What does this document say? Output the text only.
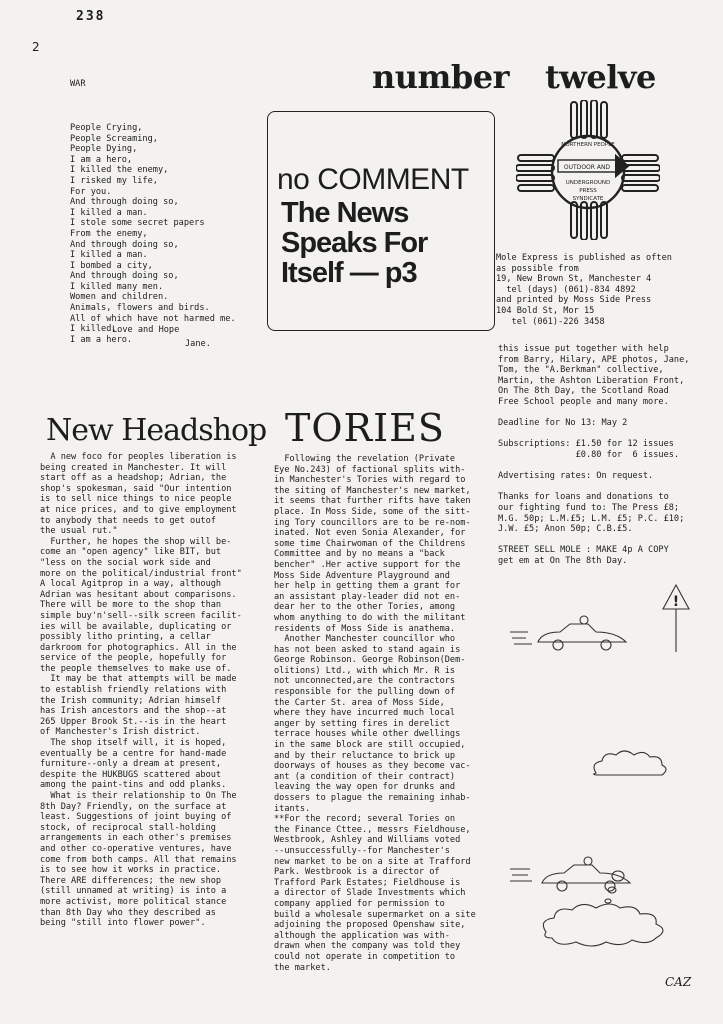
238
2

WAR

People Crying,
People Screaming,
People Dying,
I am a hero,
I killed the enemy,
I risked my life,
For you.
And through doing so,
I killed a man.
I stole some secret papers
From the enemy,
And through doing so,
I killed a man.
I bombed a city,
And through doing so,
I killed many men.
Women and children.
Animals, flowers and birds.
All of which have not harmed me.
I killed.
I am a hero.

Love and Hope
Jane.
number twelve
no COMMENT
The News
Speaks For
Itself — p3
NORTHERN PEOPLE
OUTDOOR AND
UNDERGROUND
PRESS
SYNDICATE
Mole Express is published as often
as possible from
19, New Brown St, Manchester 4
tel (days) (061)-834 4892
and printed by Moss Side Press
104 Bold St, Mor 15
tel (061)-226 3458
this issue put together with help
from Barry, Hilary, APE photos, Jane,
Tom, the "A.Berkman" collective,
Martin, the Ashton Liberation Front,
On The 8th Day, the Scotland Road
Free School people and many more.

Deadline for No 13: May 2

Subscriptions: £1.50 for 12 issues
£0.80 for  6 issues.

Advertising rates: On request.

Thanks for loans and donations to
our fighting fund to: The Press £8;
M.G. 50p; L.M.£5; L.M. £5; P.C. £10;
J.W. £5; Anon 50p; C.B.£5.

STREET SELL MOLE : MAKE 4p A COPY
get em at On The 8th Day.
New Headshop TORIES
A new foco for peoples liberation is
being created in Manchester. It will
start off as a headshop; Adrian, the
shop's spokesman, said "Our intention
is to sell nice things to nice people
at nice prices, and to give employment
to anybody that needs to get outof
the usual rut."
Further, he hopes the shop will be-
come an "open agency" like BIT, but
"less on the social work side and
more on the political/industrial front"
A local Agitprop in a way, although
Adrian was hesitant about comparisons.
There will be more to the shop than
simple buy'n'sell--silk screen facilit-
ies will be available, duplicating or
possibly litho printing, a cellar
darkroom for photographics. All in the
service of the people, hopefully for
the people themselves to make use of.
It may be that attempts will be made
to establish friendly relations with
the Irish community; Adrian himself
has Irish ancestors and the shop--at
265 Upper Brook St.--is in the heart
of Manchester's Irish district.
The shop itself will, it is hoped,
eventually be a centre for hand-made
furniture--only a dream at present,
despite the HUKBUGS scattered about
among the paint-tins and odd planks.
What is their relationship to On The
8th Day? Friendly, on the surface at
least. Suggestions of joint buying of
stock, of reciprocal stall-holding
arrangements in each other's premises
and other co-operative ventures, have
come from both camps. All that remains
is to see how it works in practice.
There ARE differences; the new shop
(still unnamed at writing) is into a
more activist, more political stance
than 8th Day who they described as
being "still into flower power".
Following the revelation (Private
Eye No.243) of factional splits with-
in Manchester's Tories with regard to
the siting of Manchester's new market,
it seems that further rifts have taken
place. In Moss Side, some of the sitt-
ing Tory councillors are to be re-nom-
inated. Not even Sonia Alexander, for
some time Chairwoman of the Childrens
Committee and by no means a "back
bencher" .Her active support for the
Moss Side Adventure Playground and
her help in getting them a grant for
an assistant play-leader did not en-
dear her to the other Tories, among
whom anything to do with the militant
residents of Moss Side is anathema.
Another Manchester councillor who
has not been asked to stand again is
George Robinson. George Robinson(Dem-
olitions) Ltd., with which Mr. R is
not unconnected,are the contractors
responsible for the pulling down of
the Carter St. area of Moss Side,
where they have incurred much local
anger by setting fires in derelict
terrace houses while other dwellings
in the same block are still occupied,
and by their reluctance to brick up
doorways of houses as they become vac-
ant (a condition of their contract)
leaving the way open for drunks and
dossers to plague the remaining inhab-
itants.
**For the record; several Tories on
the Finance Cttee., messrs Fieldhouse,
Westbrook, Ashley and Williams voted
--unsuccessfully--for Manchester's
new market to be on a site at Trafford
Park. Westbrook is a director of
Trafford Park Estates; Fieldhouse is
a director of Slade Investments which
company applied for permission to
build a wholesale supermarket on a site
adjoining the proposed Openshaw site,
although the application was with-
drawn when the company was told they
could not operate in competition to
the market.
!
CAZ
